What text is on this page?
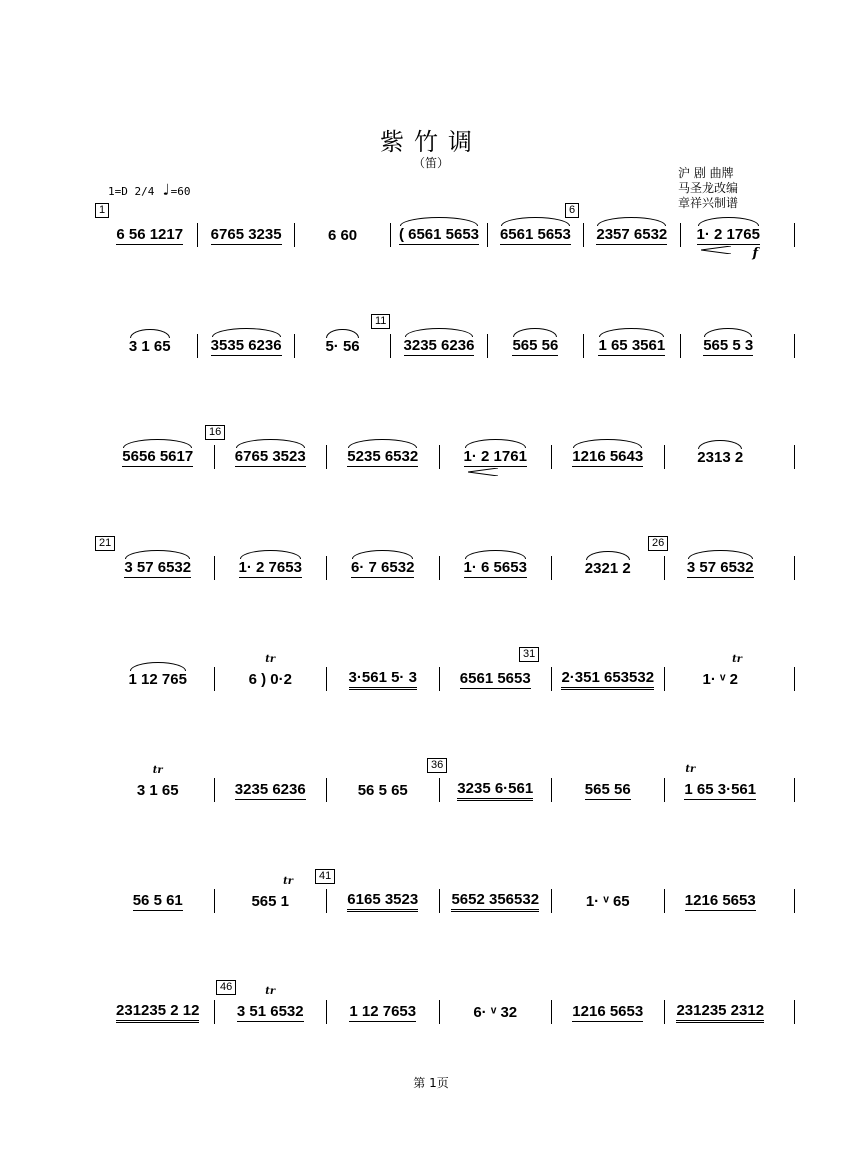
紫竹调
（笛）
沪 剧 曲牌
马圣龙改编
章祥兴制谱
1=D 2/4 ♩=60
1	6
6 56 1217 6765 3235	6 60	( 6561 5653 6561 5653 2357 6532 1· 2 1765
f
11
3 1 65	3535 6236	5· 56	3235 6236	565 56	1 65 3561	565 5 3
16
5656 5617	6765 3523	5235 6532	1· 2 1761	1216 5643	2313 2
21	26
3 57 6532	1· 2 7653	6· 7 6532	1· 6 5653	2321 2	3 57 6532
31
1 12 765
tr
6 ) 0·2	3·561 5· 3	6561 5653 2·351 653532
tr
1· ᵛ 2
36
tr
3 1 65	3235 6236	56 5 65	3235 6·561	565 56
tr
1 65 3·561
41
56 5 61
tr
565 1	6165 3523 5652 356532	1· ᵛ 65	1216 5653
46
231235 2 12
tr
3 51 6532	1 12 7653	6· ᵛ 32	1216 5653 231235 2312
第 1页
